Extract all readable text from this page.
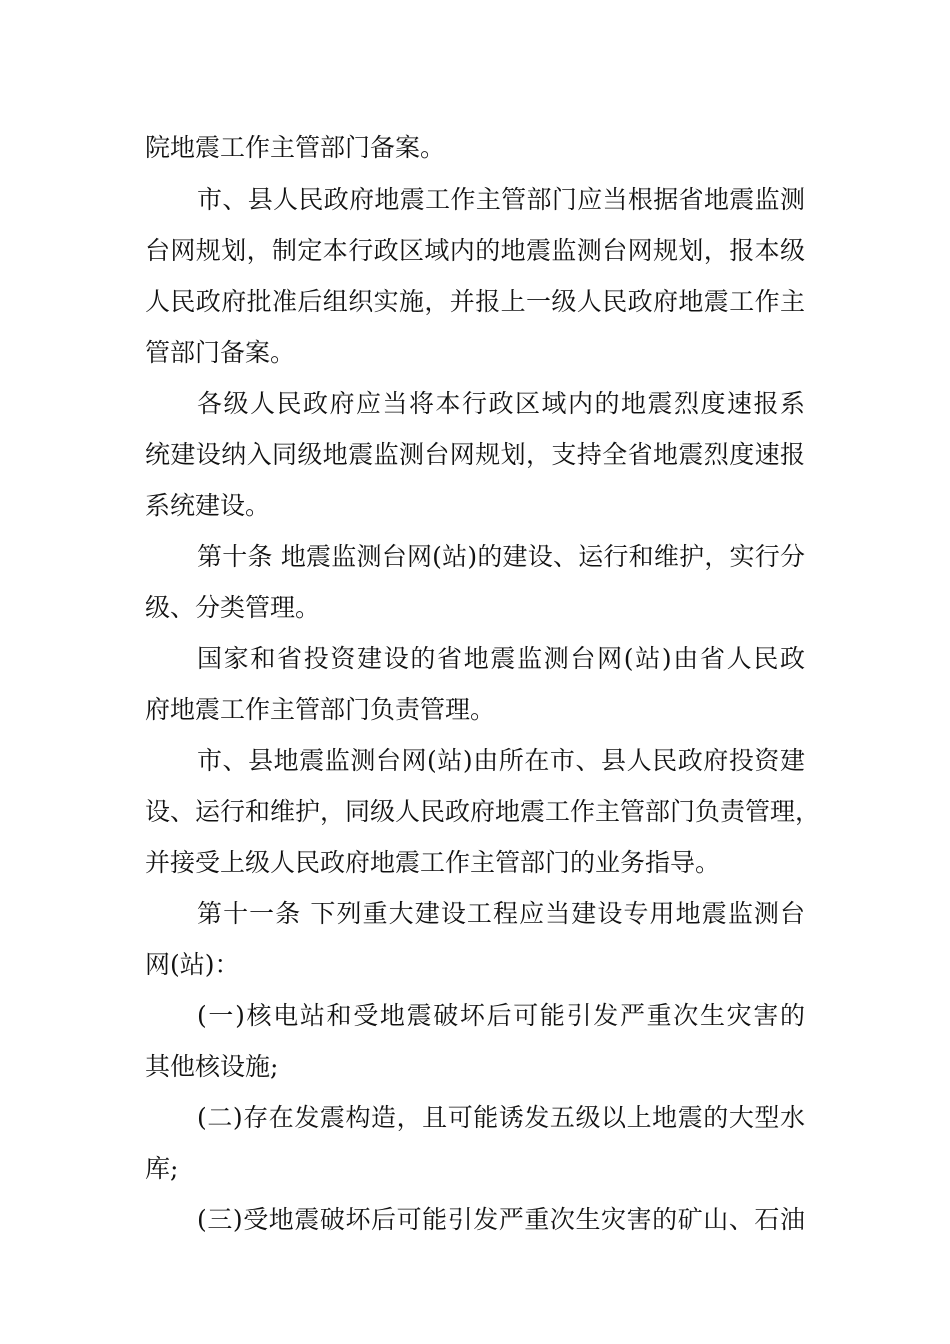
院地震工作主管部门备案。
市、县人民政府地震工作主管部门应当根据省地震监测
台网规划，制定本行政区域内的地震监测台网规划，报本级
人民政府批准后组织实施，并报上一级人民政府地震工作主
管部门备案。
各级人民政府应当将本行政区域内的地震烈度速报系
统建设纳入同级地震监测台网规划，支持全省地震烈度速报
系统建设。
第十条 地震监测台网(站)的建设、运行和维护，实行分
级、分类管理。
国家和省投资建设的省地震监测台网(站)由省人民政
府地震工作主管部门负责管理。
市、县地震监测台网(站)由所在市、县人民政府投资建
设、运行和维护，同级人民政府地震工作主管部门负责管理，
并接受上级人民政府地震工作主管部门的业务指导。
第十一条 下列重大建设工程应当建设专用地震监测台
网(站)：
(一)核电站和受地震破坏后可能引发严重次生灾害的
其他核设施;
(二)存在发震构造，且可能诱发五级以上地震的大型水
库;
(三)受地震破坏后可能引发严重次生灾害的矿山、石油
